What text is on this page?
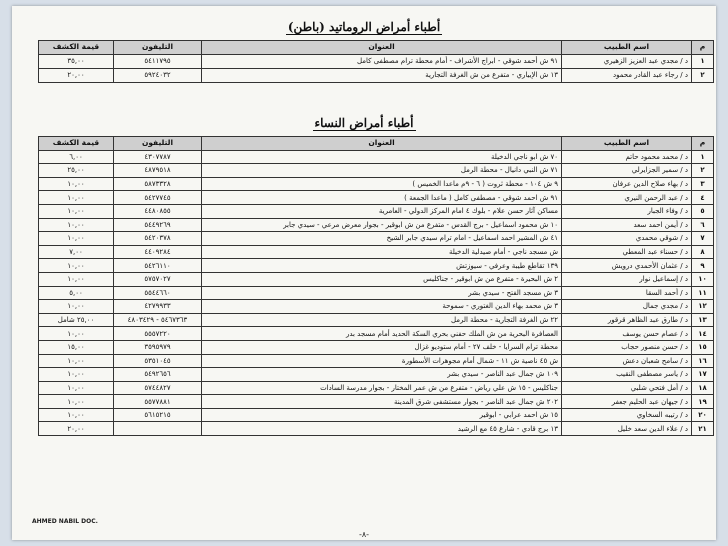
أطباء أمراض الروماتيد (باطن)
م	اسم الطبيب	العنوان	التليفون	قيمة الكشف
١	د / مجدي عبد العزيز الزهيري	٩١ ش أحمد شوقي - ابراج الأشراف - أمام محطة ترام مصطفى كامل	٥٤١١٧٩٥	٣٥,٠٠
٢	د / رجاء عبد القادر محمود	١٣ ش الإبياري - متفرع من ش الغرفة التجارية	٥٩٢٤٠٣٢	٢٠,٠٠
أطباء أمراض النساء
م	اسم الطبيب	العنوان	التليفون	قيمة الكشف
١	د / محمد محمود حاتم	٧٠ ش ابو ناجي الدخيلة	٤٣٠٧٧٨٧	٦,٠٠
٢	د / سمير الجزايرلي	٧١ ش النبي دانيال - محطة الرمل	٤٨٧٩٥١٨	٢٥,٠٠
٣	د / بهاء صلاح الدين عرفان	٩ ش ١٠٤ - محطة ثروت ( ٦ - ٩م ماعدا الخميس )	٥٨٧٣٣٢٨	١٠,٠٠
٤	د / عبد الرحمن النيري	٩١ ش احمد شوقي - مصطفى كامل ( ماعدا الجمعة )	٥٤٢٧٧٤٥	١٠,٠٠
٥	د / وفاء الجبار	مساكن آثار حسن علام - بلوك ٤ امام المركز الدولي - العامرية	٤٤٨٠٨٥٥	١٠,٠٠
٦	د / أيمن احمد سعد	١٠ ش محمود اسماعيل - برج القدس - متفرع من ش ابوقير - بجوار معرض مرعي - سيدي جابر	٥٤٤٩٢٦٩	١٠,٠٠
٧	د / شوقي محمدي	٤١ ش المشير احمد اسماعيل - امام ترام سيدي جابر الشيخ	٥٤٢٠٣٧٨	١٠,٠٠
٨	د / حسناء عبد المعطي	ش مسجد ناجي - أمام صيدلية الدخيلة	٤٤٠٩٢٨٤	٧,٠٠
٩	د / عثمان الأحمدي درويش	١٣٩ تقاطع طيبة وعرفي - سيوزتش	٥٤٢٦١١٠	١٠,٠٠
١٠	د / إسماعيل نوار	٢ ش البحيرة - متفرع من ش ابوقير - جناكليس	٥٧٥٧٠٢٧	١٠,٠٠
١١	د / أحمد السقا	٣ ش مسجد الفتح - سيدي بشر	٥٥٤٤٦٦٠	٥,٠٠
١٢	د / مجدي جمال	٣ ش محمد بهاء الدين الغتوري - سموحة	٤٢٧٩٩٣٣	١٠,٠٠
١٣	د / طارق عبد الظاهر قرقور	٢٢ ش الغرفة التجارية - محطة الرمل	٥٤٦٧٣٦٣ - ٤٨٠٣٤٢٩	٢٥,٠٠ شامل
١٤	د / عصام حسن يوسف	العصافرة البحرية من ش الملك حفني بحري السكة الحديد أمام مسجد بدر	٥٥٥٧٢٢٠	١٠,٠٠
١٥	د / حسن منصور حجاب	محطة ترام السرايا - خلف ٢٧ - أمام ستوديو غزال	٣٥٩٥٩٧٩	١٥,٠٠
١٦	د / سامح شعبان دعش	ش ٤٥ ناصية ش ١١ - شمال أمام مجوهرات الأسطورة	٥٣٥١٠٤٥	١٠,٠٠
١٧	د / ياسر مصطفى النقيب	١٠٩ ش جمال عبد الناصر - سيدي بشر	٥٤٩٢٦٥٦	١٠,٠٠
١٨	د / أمل فتحي شلبي	جناكليس - ١٥ ش علي رياض - متفرع من ش عمر المختار - بجوار مدرسة السادات	٥٧٤٤٨٢٧	١٠,٠٠
١٩	د / جيهان عبد الحليم جعفر	٢٠٢ ش جمال عبد الناصر - بجوار مستشفى شرق المدينة	٥٥٧٧٨٨١	١٠,٠٠
٢٠	د / رتيبه السخاوي	١٥ ش احمد عرابي - ابوقير	٥٦١٥٢١٥	١٠,٠٠
٢١	د / علاء الدين سعد خليل	١٣ برج قادي - شارع ٤٥ مع الرشيد		٢٠,٠٠
AHMED NABIL DOC.
-٨-
